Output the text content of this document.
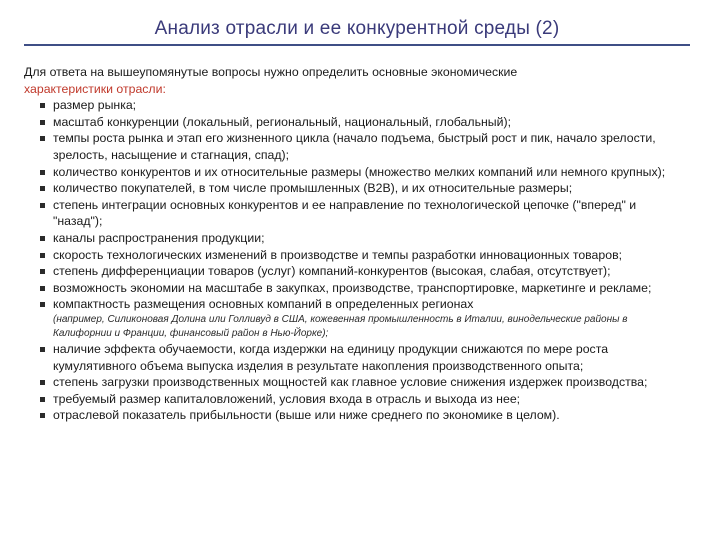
Анализ отрасли и ее конкурентной среды (2)

Для ответа на вышеупомянутые вопросы нужно определить основные экономические
характеристики отрасли:

размер рынка;
масштаб конкуренции (локальный, региональный, национальный, глобальный);
темпы роста рынка и этап его жизненного цикла (начало подъема, быстрый рост и пик, начало зрелости, зрелость, насыщение и стагнация, спад);
количество конкурентов и их относительные размеры (множество мелких компаний или немного крупных);
количество покупателей, в том числе промышленных (B2B), и их относительные размеры;
степень интеграции основных конкурентов и ее направление по технологической цепочке ("вперед" и "назад");
каналы распространения продукции;
скорость технологических изменений в производстве и темпы разработки инновационных товаров;
степень дифференциации товаров (услуг) компаний-конкурентов (высокая, слабая, отсутствует);
возможность экономии на масштабе в закупках, производстве, транспортировке, маркетинге и рекламе;
компактность размещения основных компаний в определенных регионах
(например, Силиконовая Долина или Голливуд в США, кожевенная промышленность в Италии, винодельческие районы в Калифорнии и Франции, финансовый район в Нью-Йорке);
наличие эффекта обучаемости, когда издержки на единицу продукции снижаются по мере роста кумулятивного объема выпуска изделия в результате накопления производственного опыта;
степень загрузки производственных мощностей как главное условие снижения издержек производства;
требуемый размер капиталовложений, условия входа в отрасль и выхода из нее;
отраслевой показатель прибыльности (выше или ниже среднего по экономике в целом).
